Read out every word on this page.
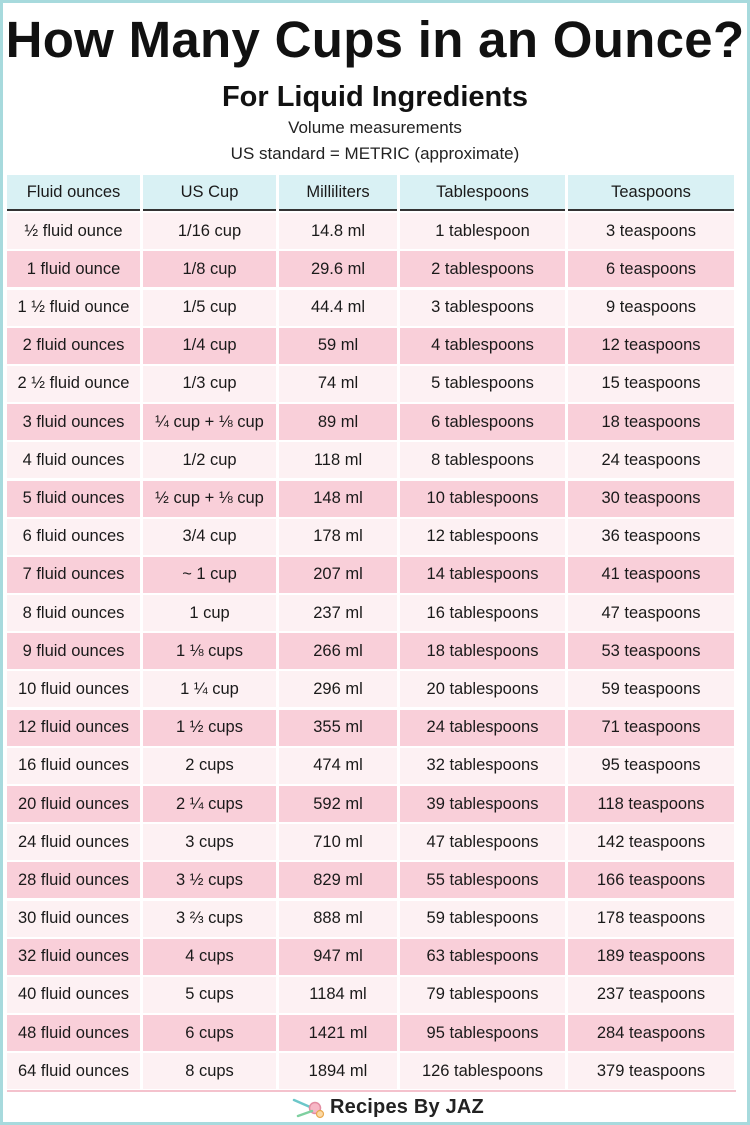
How Many Cups in an Ounce?
For Liquid Ingredients
Volume measurements
US standard = METRIC (approximate)
Fluid ounces	US Cup	Milliliters	Tablespoons	Teaspoons
½ fluid ounce	1/16 cup	14.8 ml	1 tablespoon	3 teaspoons
1 fluid ounce	1/8 cup	29.6 ml	2 tablespoons	6 teaspoons
1 ½ fluid ounce	1/5 cup	44.4 ml	3 tablespoons	9 teaspoons
2 fluid ounces	1/4 cup	59 ml	4 tablespoons	12 teaspoons
2 ½ fluid ounce	1/3 cup	74 ml	5 tablespoons	15 teaspoons
3 fluid ounces	¼ cup + ⅛ cup	89 ml	6 tablespoons	18 teaspoons
4 fluid ounces	1/2 cup	118 ml	8 tablespoons	24 teaspoons
5 fluid ounces	½ cup + ⅛ cup	148 ml	10 tablespoons	30 teaspoons
6 fluid ounces	3/4 cup	178 ml	12 tablespoons	36 teaspoons
7 fluid ounces	~ 1 cup	207 ml	14 tablespoons	41 teaspoons
8 fluid ounces	1 cup	237 ml	16 tablespoons	47 teaspoons
9 fluid ounces	1 ⅛ cups	266 ml	18 tablespoons	53 teaspoons
10 fluid ounces	1 ¼ cup	296 ml	20 tablespoons	59 teaspoons
12 fluid ounces	1 ½ cups	355 ml	24 tablespoons	71 teaspoons
16 fluid ounces	2 cups	474 ml	32 tablespoons	95 teaspoons
20 fluid ounces	2 ¼ cups	592 ml	39 tablespoons	118 teaspoons
24 fluid ounces	3 cups	710 ml	47 tablespoons	142 teaspoons
28 fluid ounces	3 ½ cups	829 ml	55 tablespoons	166 teaspoons
30 fluid ounces	3 ⅔ cups	888 ml	59 tablespoons	178 teaspoons
32 fluid ounces	4 cups	947 ml	63 tablespoons	189 teaspoons
40 fluid ounces	5 cups	1184 ml	79 tablespoons	237 teaspoons
48 fluid ounces	6 cups	1421 ml	95 tablespoons	284 teaspoons
64 fluid ounces	8 cups	1894 ml	126 tablespoons	379 teaspoons
Recipes By JAZ
